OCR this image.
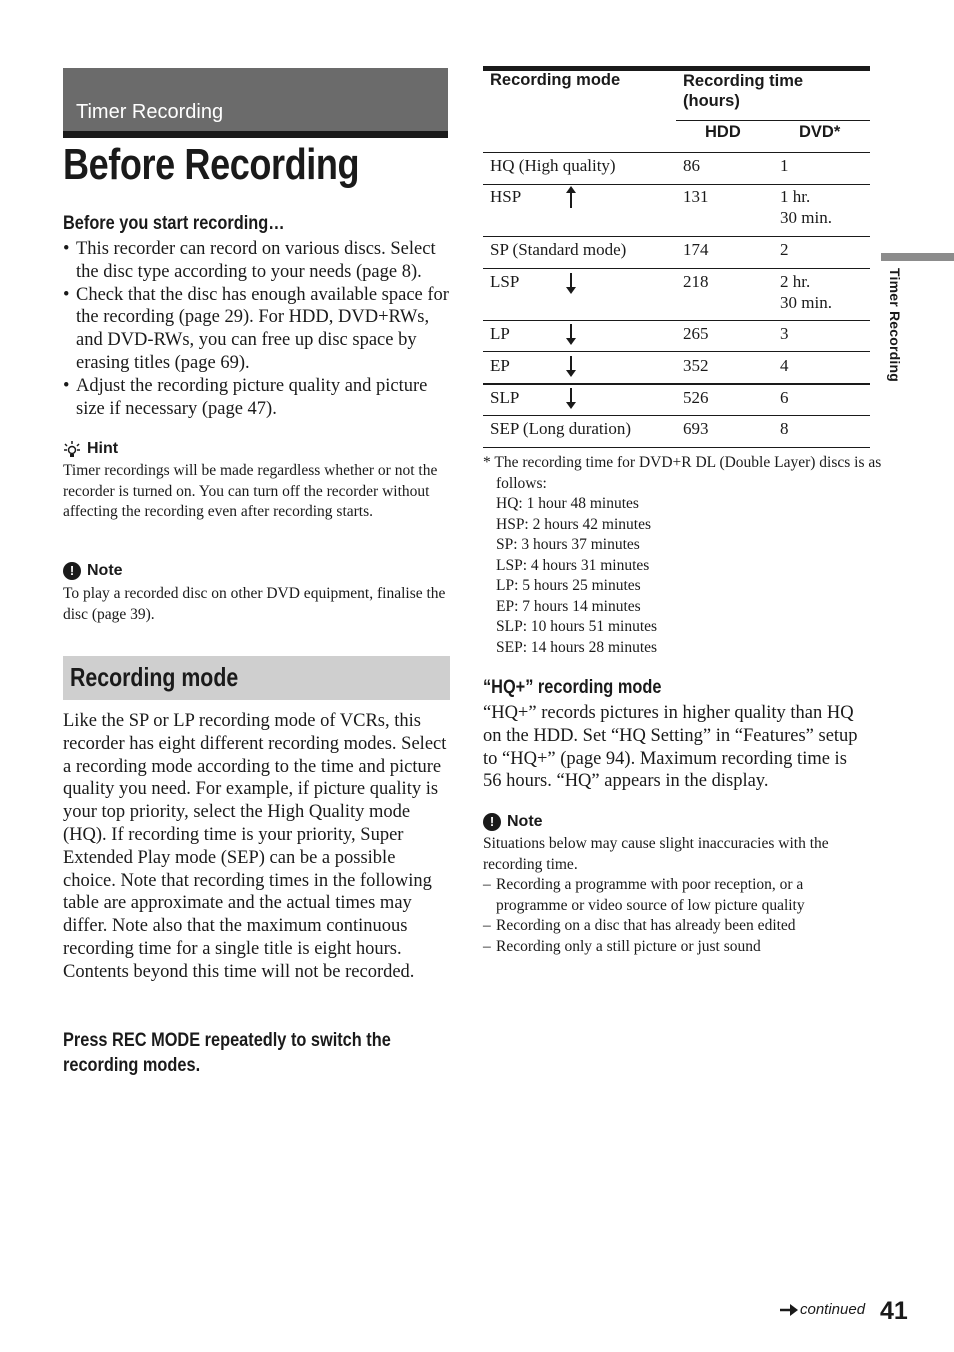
Timer Recording
Before Recording
Before you start recording…
• This recorder can record on various discs. Select the disc type according to your needs (page 8).
• Check that the disc has enough available space for the recording (page 29). For HDD, DVD+RWs, and DVD-RWs, you can free up disc space by erasing titles (page 69).
• Adjust the recording picture quality and picture size if necessary (page 47).
Hint
Timer recordings will be made regardless whether or not the recorder is turned on. You can turn off the recorder without affecting the recording even after recording starts.
! Note
To play a recorded disc on other DVD equipment, finalise the disc (page 39).
Recording mode
Like the SP or LP recording mode of VCRs, this recorder has eight different recording modes. Select a recording mode according to the time and picture quality you need. For example, if picture quality is your top priority, select the High Quality mode (HQ). If recording time is your priority, Super Extended Play mode (SEP) can be a possible choice. Note that recording times in the following table are approximate and the actual times may differ. Note also that the maximum continuous recording time for a single title is eight hours. Contents beyond this time will not be recorded.
Press REC MODE repeatedly to switch the recording modes.
Recording mode	Recording time (hours)
HDD	DVD*
HQ (High quality)	86	1
HSP	131	1 hr.
30 min.
SP (Standard mode)	174	2
LSP	218	2 hr.
30 min.
LP	265	3
EP	352	4
SLP	526	6
SEP (Long duration)	693	8
* The recording time for DVD+R DL (Double Layer) discs is as follows:
HQ: 1 hour 48 minutes
HSP: 2 hours 42 minutes
SP: 3 hours 37 minutes
LSP: 4 hours 31 minutes
LP: 5 hours 25 minutes
EP: 7 hours 14 minutes
SLP: 10 hours 51 minutes
SEP: 14 hours 28 minutes
“HQ+” recording mode
“HQ+” records pictures in higher quality than HQ on the HDD. Set “HQ Setting” in “Features” setup to “HQ+” (page 94). Maximum recording time is 56 hours. “HQ” appears in the display.
! Note
Situations below may cause slight inaccuracies with the recording time.
– Recording a programme with poor reception, or a programme or video source of low picture quality
– Recording on a disc that has already been edited
– Recording only a still picture or just sound
Timer Recording
continued 41
